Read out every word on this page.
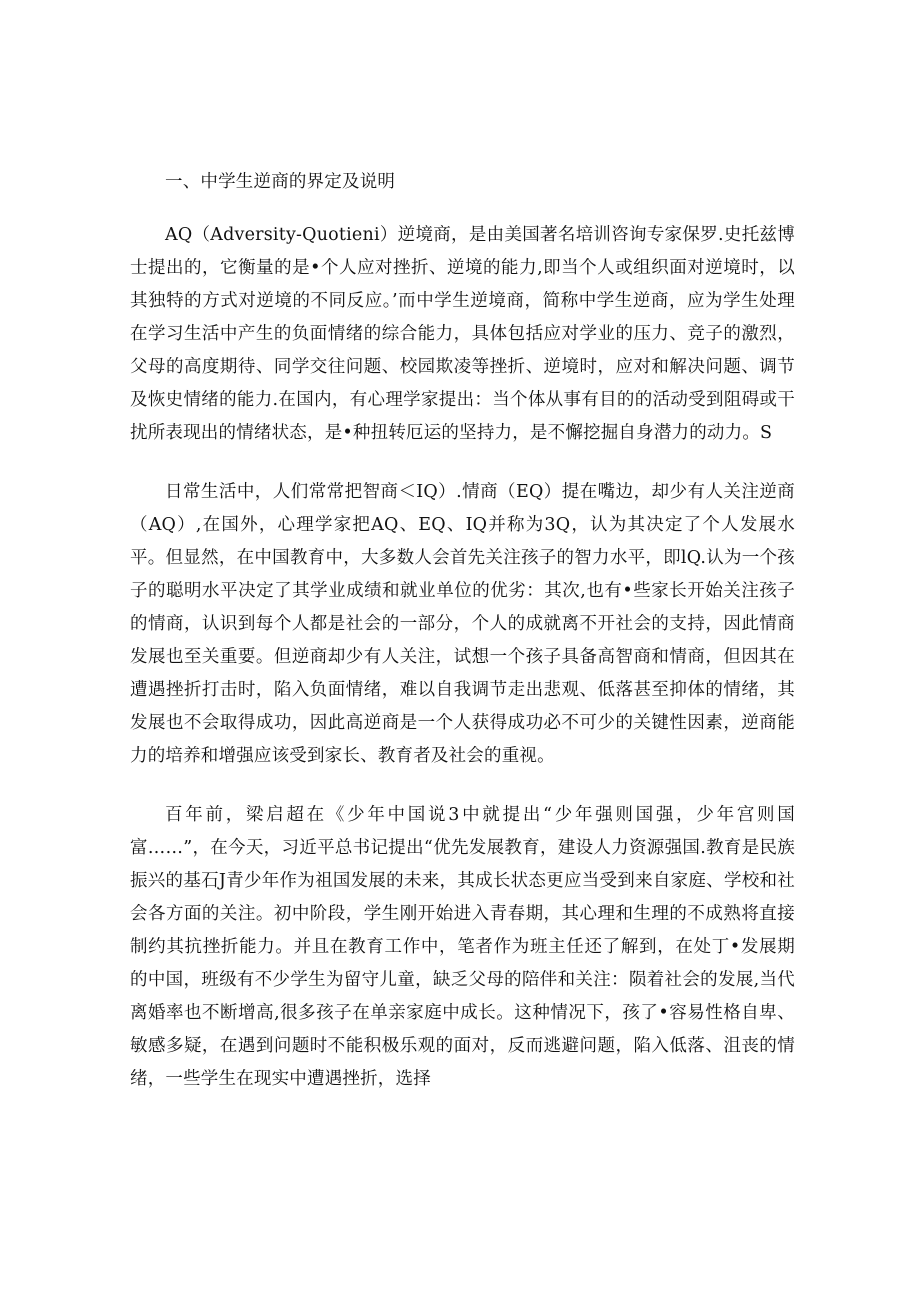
一、中学生逆商的界定及说明

AQ（Adversity-Quotieni）逆境商，是由美国著名培训咨询专家保罗.史托兹博士提出的，它衡量的是•个人应对挫折、逆境的能力,即当个人或组织面对逆境时，以其独特的方式对逆境的不同反应。’而中学生逆境商，简称中学生逆商，应为学生处理在学习生活中产生的负面情绪的综合能力，具体包括应对学业的压力、竞子的激烈，父母的高度期待、同学交往问题、校园欺凌等挫折、逆境时，应对和解决问题、调节及恢史情绪的能力.在国内，有心理学家提出：当个体从事有目的的活动受到阻碍或干扰所表现出的情绪状态，是•种扭转厄运的坚持力，是不懈挖掘自身潜力的动力。S

日常生活中，人们常常把智商＜IQ）.情商（EQ）提在嘴边，却少有人关注逆商（AQ）,在国外，心理学家把AQ、EQ、IQ并称为3Q，认为其决定了个人发展水平。但显然，在中国教育中，大多数人会首先关注孩子的智力水平，即lQ.认为一个孩子的聪明水平决定了其学业成绩和就业单位的优劣：其次,也有•些家长开始关注孩子的情商，认识到每个人都是社会的一部分，个人的成就离不开社会的支持，因此情商发展也至关重要。但逆商却少有人关注，试想一个孩子具备高智商和情商，但因其在遭遇挫折打击时，陷入负面情绪，难以自我调节走出悲观、低落甚至抑体的情绪，其发展也不会取得成功，因此高逆商是一个人获得成功必不可少的关键性因素，逆商能力的培养和增强应该受到家长、教育者及社会的重视。

百年前，梁启超在《少年中国说3中就提出“少年强则国强，少年宫则国富……”，在今天，习近平总书记提出“优先发展教育，建设人力资源强国.教育是民族振兴的基石J青少年作为祖国发展的未来，其成长状态更应当受到来自家庭、学校和社会各方面的关注。初中阶段，学生刚开始进入青春期，其心理和生理的不成熟将直接制约其抗挫折能力。并且在教育工作中，笔者作为班主任还了解到，在处丁•发展期的中国，班级有不少学生为留守儿童，缺乏父母的陪伴和关注：陨着社会的发展,当代离婚率也不断增高,很多孩子在单亲家庭中成长。这种情况下，孩了•容易性格自卑、敏感多疑，在遇到问题时不能积极乐观的面对，反而逃避问题，陷入低落、沮丧的情绪，一些学生在现实中遭遇挫折，选择
